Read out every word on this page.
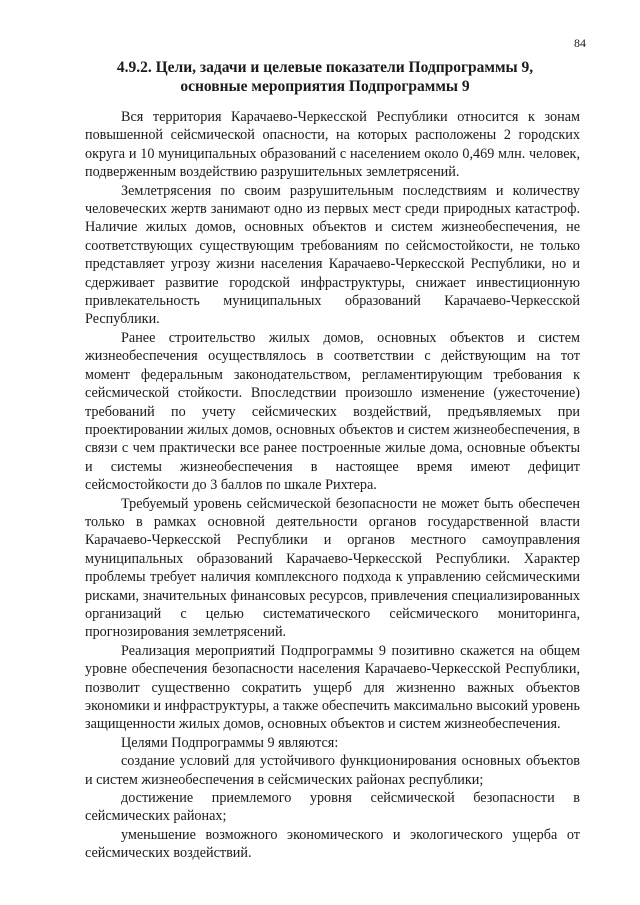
84
4.9.2. Цели, задачи и целевые показатели Подпрограммы 9,
основные мероприятия Подпрограммы 9

Вся территория Карачаево-Черкесской Республики относится к зонам повышенной сейсмической опасности, на которых расположены 2 городских округа и 10 муниципальных образований с населением около 0,469 млн. человек, подверженным воздействию разрушительных землетрясений.

Землетрясения по своим разрушительным последствиям и количеству человеческих жертв занимают одно из первых мест среди природных катастроф. Наличие жилых домов, основных объектов и систем жизнеобеспечения, не соответствующих существующим требованиям по сейсмостойкости, не только представляет угрозу жизни населения Карачаево-Черкесской Республики, но и сдерживает развитие городской инфраструктуры, снижает инвестиционную привлекательность муниципальных образований Карачаево-Черкесской Республики.

Ранее строительство жилых домов, основных объектов и систем жизнеобеспечения осуществлялось в соответствии с действующим на тот момент федеральным законодательством, регламентирующим требования к сейсмической стойкости. Впоследствии произошло изменение (ужесточение) требований по учету сейсмических воздействий, предъявляемых при проектировании жилых домов, основных объектов и систем жизнеобеспечения, в связи с чем практически все ранее построенные жилые дома, основные объекты и системы жизнеобеспечения в настоящее время имеют дефицит сейсмостойкости до 3 баллов по шкале Рихтера.

Требуемый уровень сейсмической безопасности не может быть обеспечен только в рамках основной деятельности органов государственной власти Карачаево-Черкесской Республики и органов местного самоуправления муниципальных образований Карачаево-Черкесской Республики. Характер проблемы требует наличия комплексного подхода к управлению сейсмическими рисками, значительных финансовых ресурсов, привлечения специализированных организаций с целью систематического сейсмического мониторинга, прогнозирования землетрясений.

Реализация мероприятий Подпрограммы 9 позитивно скажется на общем уровне обеспечения безопасности населения Карачаево-Черкесской Республики, позволит существенно сократить ущерб для жизненно важных объектов экономики и инфраструктуры, а также обеспечить максимально высокий уровень защищенности жилых домов, основных объектов и систем жизнеобеспечения.

Целями Подпрограммы 9 являются:

создание условий для устойчивого функционирования основных объектов и систем жизнеобеспечения в сейсмических районах республики;

достижение приемлемого уровня сейсмической безопасности в сейсмических районах;

уменьшение возможного экономического и экологического ущерба от сейсмических воздействий.
